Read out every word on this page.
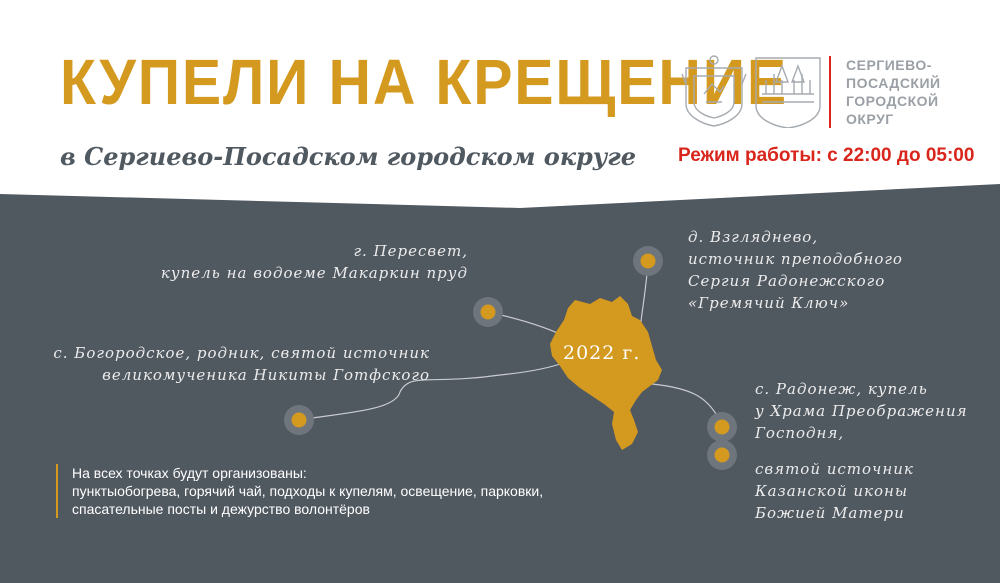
КУПЕЛИ НА КРЕЩЕНИЕ
в Сергиево-Посадском городском округе Режим работы: с 22:00 до 05:00
СЕРГИЕВО-
ПОСАДСКИЙ
ГОРОДСКОЙ
ОКРУГ
г. Пересвет,
купель на водоеме Макаркин пруд
с. Богородское, родник, святой источник
великомученика Никиты Готфского
д. Взгляднево,
источник преподобного
Сергия Радонежского
«Гремячий Ключ»
с. Радонеж, купель
у Храма Преображения
Господня,
святой источник
Казанской иконы
Божией Матери
2022 г.
На всех точках будут организованы:
пунктыобогрева, горячий чай, подходы к купелям, освещение, парковки,
спасательные посты и дежурство волонтёров
